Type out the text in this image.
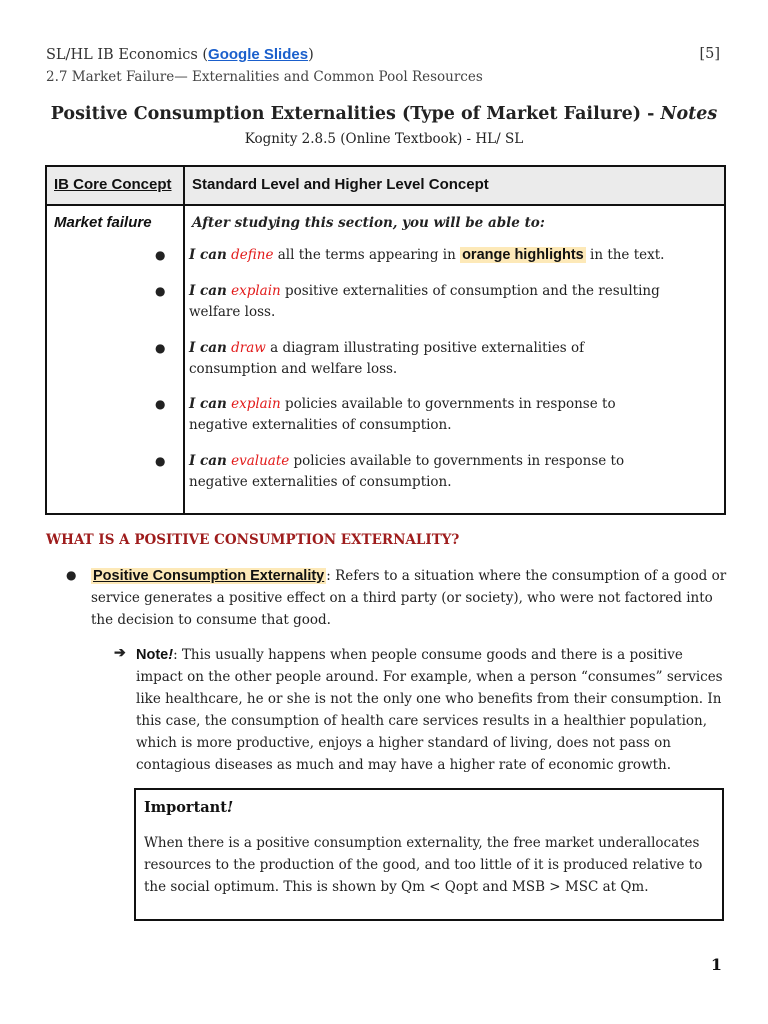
SL/HL IB Economics (Google Slides)	[5]
2.7 Market Failure— Externalities and Common Pool Resources
Positive Consumption Externalities (Type of Market Failure) - Notes
Kognity 2.8.5 (Online Textbook) - HL/ SL
IB Core Concept Standard Level and Higher Level Concept
Market failure	After studying this section, you will be able to:
● I can define all the terms appearing in orange highlights in the text.
● I can explain positive externalities of consumption and the resulting welfare loss.
● I can draw a diagram illustrating positive externalities of consumption and welfare loss.
● I can explain policies available to governments in response to negative externalities of consumption.
● I can evaluate policies available to governments in response to negative externalities of consumption.
WHAT IS A POSITIVE CONSUMPTION EXTERNALITY?
● Positive Consumption Externality : Refers to a situation where the consumption of a good or service generates a positive effect on a third party (or society), who were not factored into the decision to consume that good.
➔ Note!: This usually happens when people consume goods and there is a positive impact on the other people around. For example, when a person “consumes” services like healthcare, he or she is not the only one who benefits from their consumption. In this case, the consumption of health care services results in a healthier population, which is more productive, enjoys a higher standard of living, does not pass on contagious diseases as much and may have a higher rate of economic growth.
Important!
When there is a positive consumption externality, the free market underallocates resources to the production of the good, and too little of it is produced relative to the social optimum. This is shown by Qm < Qopt and MSB > MSC at Qm.
1
